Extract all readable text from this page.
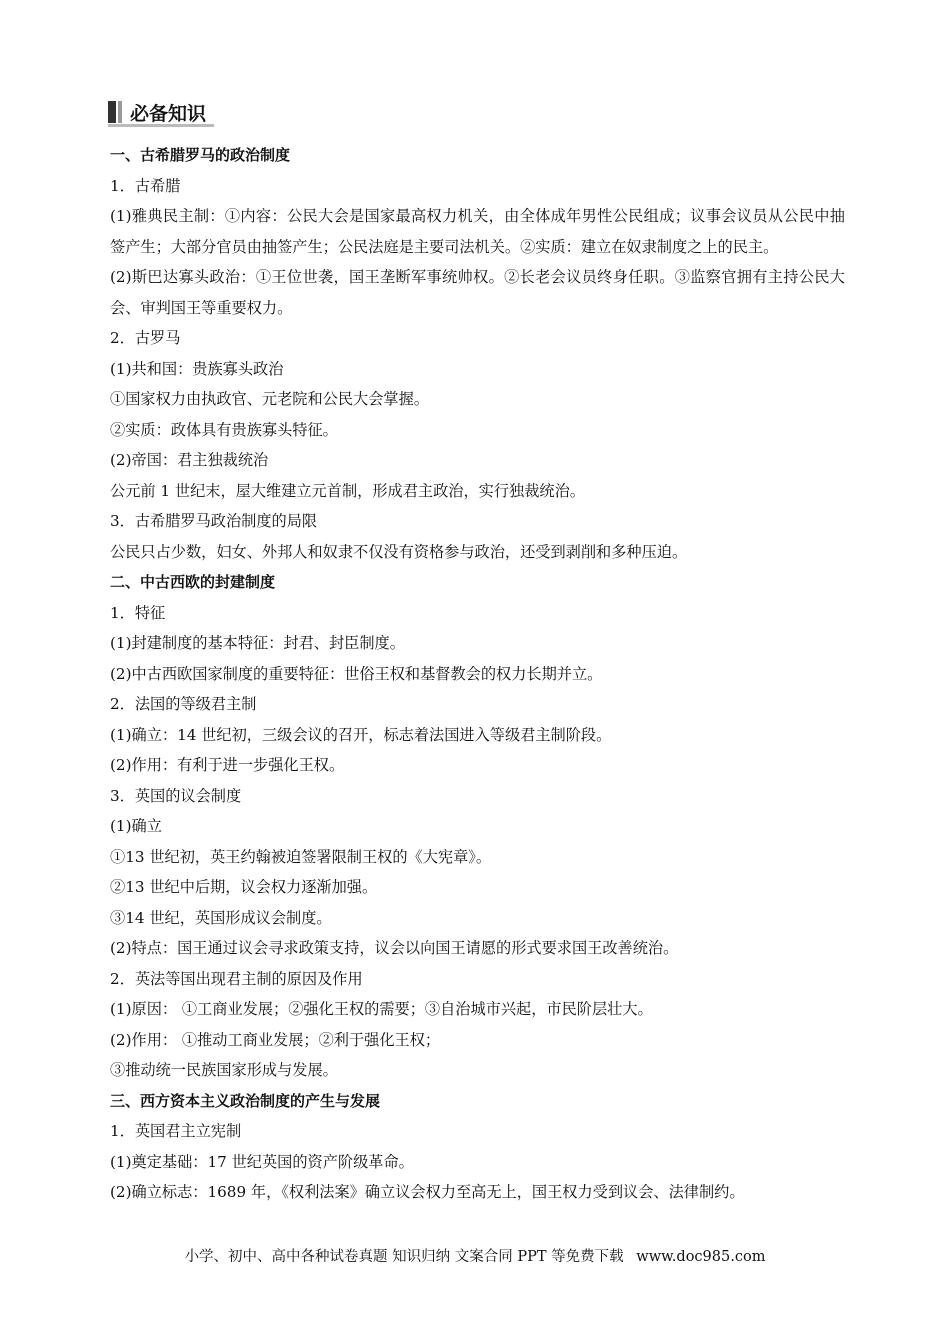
必备知识
一、古希腊罗马的政治制度
1．古希腊
(1)雅典民主制：①内容：公民大会是国家最高权力机关，由全体成年男性公民组成；议事会议员从公民中抽签产生；大部分官员由抽签产生；公民法庭是主要司法机关。②实质：建立在奴隶制度之上的民主。
(2)斯巴达寡头政治：①王位世袭，国王垄断军事统帅权。②长老会议员终身任职。③监察官拥有主持公民大会、审判国王等重要权力。
2．古罗马
(1)共和国：贵族寡头政治
①国家权力由执政官、元老院和公民大会掌握。
②实质：政体具有贵族寡头特征。
(2)帝国：君主独裁统治
公元前 1 世纪末，屋大维建立元首制，形成君主政治，实行独裁统治。
3．古希腊罗马政治制度的局限
公民只占少数，妇女、外邦人和奴隶不仅没有资格参与政治，还受到剥削和多种压迫。
二、中古西欧的封建制度
1．特征
(1)封建制度的基本特征：封君、封臣制度。
(2)中古西欧国家制度的重要特征：世俗王权和基督教会的权力长期并立。
2．法国的等级君主制
(1)确立：14 世纪初，三级会议的召开，标志着法国进入等级君主制阶段。
(2)作用：有利于进一步强化王权。
3．英国的议会制度
(1)确立
①13 世纪初，英王约翰被迫签署限制王权的《大宪章》。
②13 世纪中后期，议会权力逐渐加强。
③14 世纪，英国形成议会制度。
(2)特点：国王通过议会寻求政策支持，议会以向国王请愿的形式要求国王改善统治。
2．英法等国出现君主制的原因及作用
(1)原因： ①工商业发展；②强化王权的需要；③自治城市兴起，市民阶层壮大。
(2)作用： ①推动工商业发展；②利于强化王权；
③推动统一民族国家形成与发展。
三、西方资本主义政治制度的产生与发展
1．英国君主立宪制
(1)奠定基础：17 世纪英国的资产阶级革命。
(2)确立标志：1689 年，《权利法案》确立议会权力至高无上，国王权力受到议会、法律制约。
小学、初中、高中各种试卷真题 知识归纳 文案合同 PPT 等免费下载 www.doc985.com
